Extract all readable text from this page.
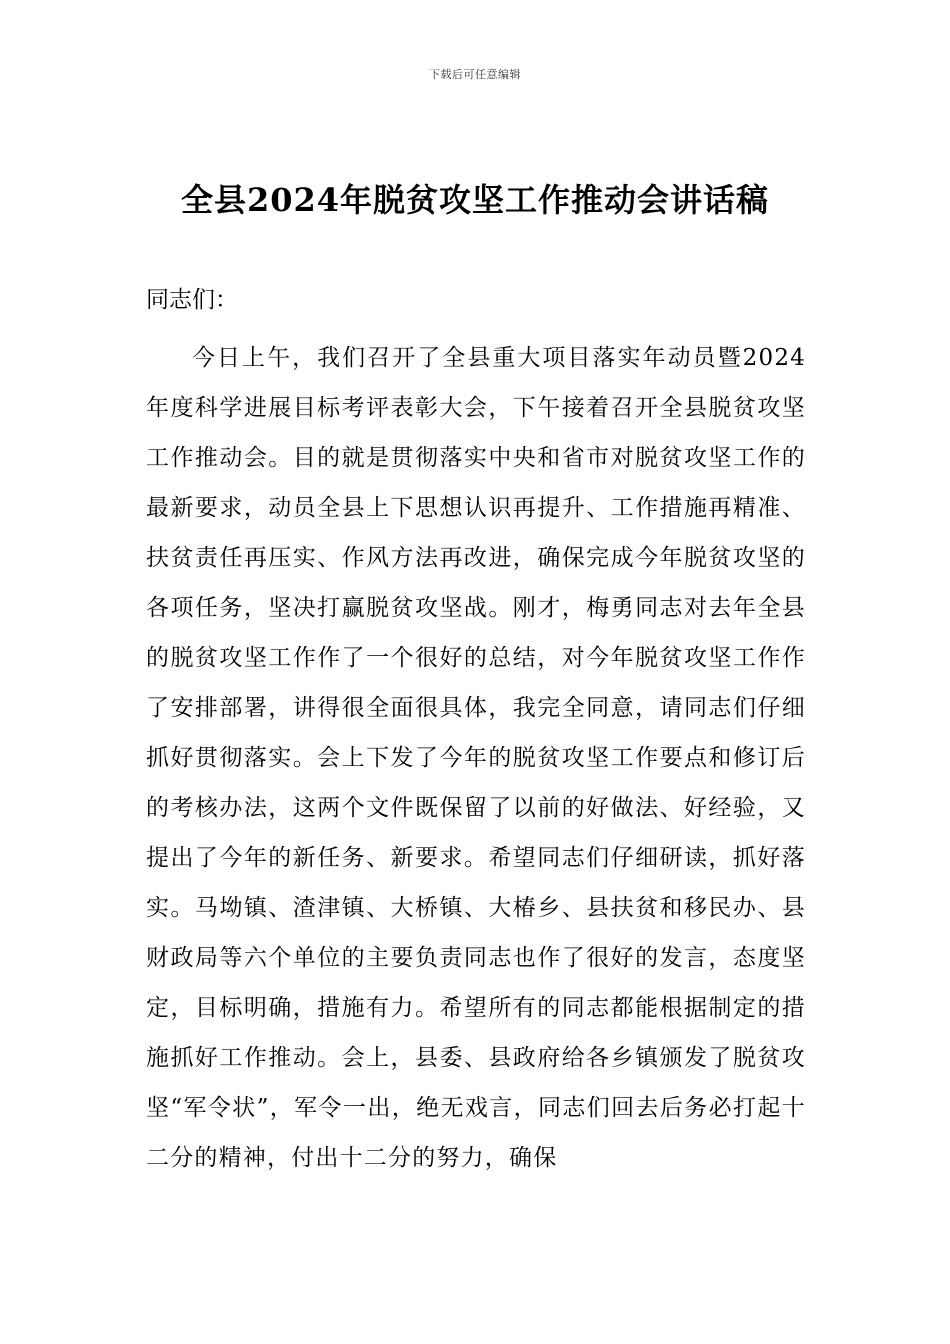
下载后可任意编辑
全县2024年脱贫攻坚工作推动会讲话稿

同志们：

今日上午，我们召开了全县重大项目落实年动员暨2024年度科学进展目标考评表彰大会，下午接着召开全县脱贫攻坚工作推动会。目的就是贯彻落实中央和省市对脱贫攻坚工作的最新要求，动员全县上下思想认识再提升、工作措施再精准、扶贫责任再压实、作风方法再改进，确保完成今年脱贫攻坚的各项任务，坚决打赢脱贫攻坚战。刚才，梅勇同志对去年全县的脱贫攻坚工作作了一个很好的总结，对今年脱贫攻坚工作作了安排部署，讲得很全面很具体，我完全同意，请同志们仔细抓好贯彻落实。会上下发了今年的脱贫攻坚工作要点和修订后的考核办法，这两个文件既保留了以前的好做法、好经验，又提出了今年的新任务、新要求。希望同志们仔细研读，抓好落实。马坳镇、渣津镇、大桥镇、大椿乡、县扶贫和移民办、县财政局等六个单位的主要负责同志也作了很好的发言，态度坚定，目标明确，措施有力。希望所有的同志都能根据制定的措施抓好工作推动。会上，县委、县政府给各乡镇颁发了脱贫攻坚“军令状”，军令一出，绝无戏言，同志们回去后务必打起十二分的精神，付出十二分的努力，确保
